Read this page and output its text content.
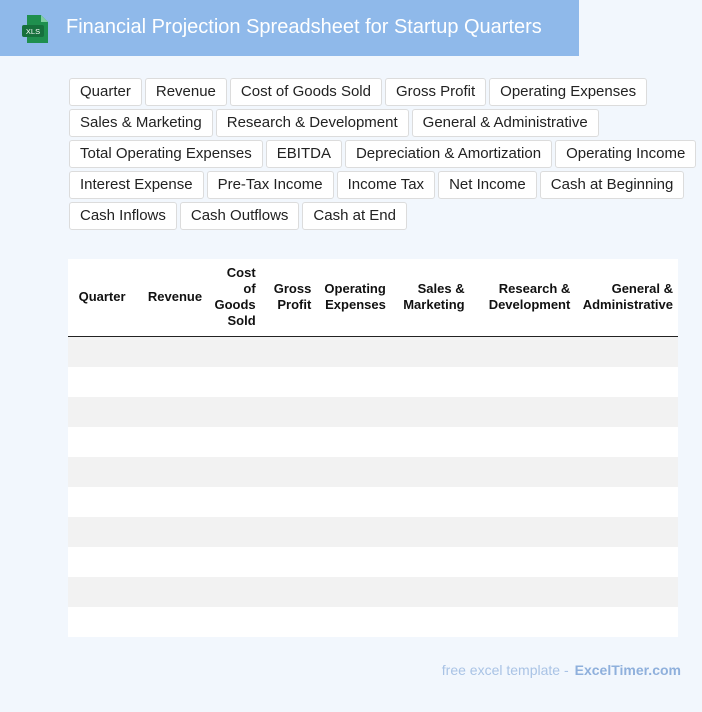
XLS Financial Projection Spreadsheet for Startup Quarters
Quarter	Revenue	Cost of Goods Sold	Gross Profit	Operating Expenses
Sales & Marketing	Research & Development	General & Administrative
Total Operating Expenses	EBITDA	Depreciation & Amortization	Operating Income
Interest Expense	Pre-Tax Income	Income Tax	Net Income	Cash at Beginning
Cash Inflows	Cash Outflows	Cash at End
Quarter	Revenue	Cost of Goods Sold	Gross Profit	Operating Expenses	Sales & Marketing	Research & Development	General & Administrative

free excel template - ExcelTimer.com
